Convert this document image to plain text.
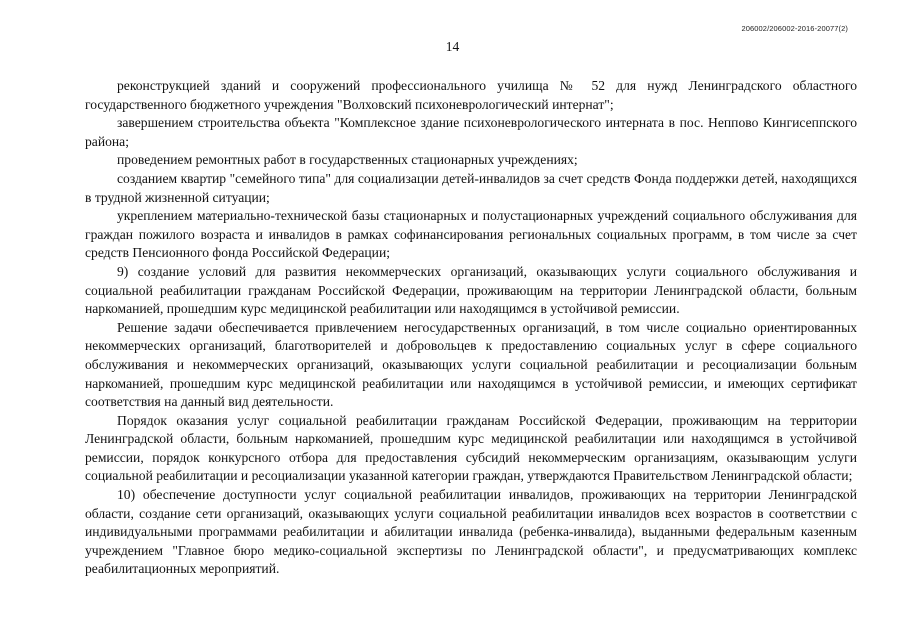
206002/206002-2016-20077(2)
14

реконструкцией зданий и сооружений профессионального училища № 52 для нужд Ленинградского областного государственного бюджетного учреждения "Волховский психоневрологический интернат";

завершением строительства объекта "Комплексное здание психоневрологического интерната в пос. Неппово Кингисеппского района;

проведением ремонтных работ в государственных стационарных учреждениях;

созданием квартир "семейного типа" для социализации детей-инвалидов за счет средств Фонда поддержки детей, находящихся в трудной жизненной ситуации;

укреплением материально-технической базы стационарных и полустационарных учреждений социального обслуживания для граждан пожилого возраста и инвалидов в рамках софинансирования региональных социальных программ, в том числе за счет средств Пенсионного фонда Российской Федерации;

9) создание условий для развития некоммерческих организаций, оказывающих услуги социального обслуживания и социальной реабилитации гражданам Российской Федерации, проживающим на территории Ленинградской области, больным наркоманией, прошедшим курс медицинской реабилитации или находящимся в устойчивой ремиссии.

Решение задачи обеспечивается привлечением негосударственных организаций, в том числе социально ориентированных некоммерческих организаций, благотворителей и добровольцев к предоставлению социальных услуг в сфере социального обслуживания и некоммерческих организаций, оказывающих услуги социальной реабилитации и ресоциализации больным наркоманией, прошедшим курс медицинской реабилитации или находящимся в устойчивой ремиссии, и имеющих сертификат соответствия на данный вид деятельности.

Порядок оказания услуг социальной реабилитации гражданам Российской Федерации, проживающим на территории Ленинградской области, больным наркоманией, прошедшим курс медицинской реабилитации или находящимся в устойчивой ремиссии, порядок конкурсного отбора для предоставления субсидий некоммерческим организациям, оказывающим услуги социальной реабилитации и ресоциализации указанной категории граждан, утверждаются Правительством Ленинградской области;

10) обеспечение доступности услуг социальной реабилитации инвалидов, проживающих на территории Ленинградской области, создание сети организаций, оказывающих услуги социальной реабилитации инвалидов всех возрастов в соответствии с индивидуальными программами реабилитации и абилитации инвалида (ребенка-инвалида), выданными федеральным казенным учреждением "Главное бюро медико-социальной экспертизы по Ленинградской области", и предусматривающих комплекс реабилитационных мероприятий.
